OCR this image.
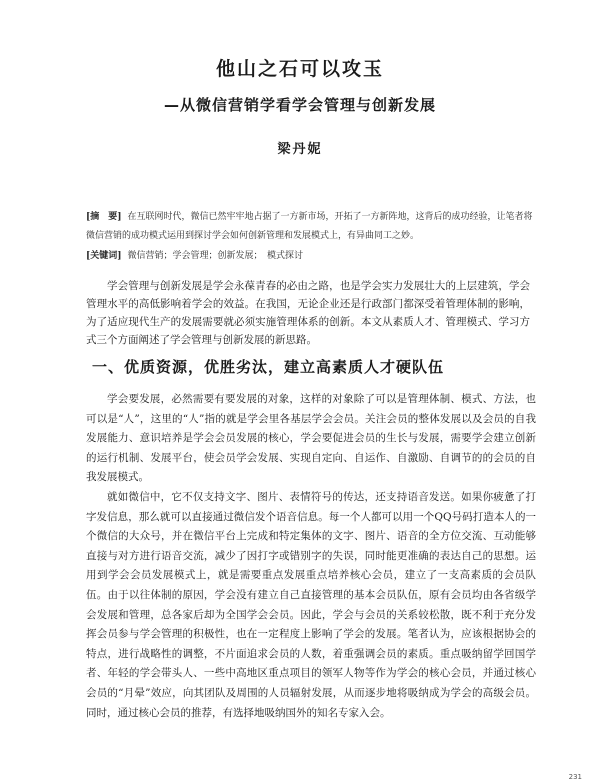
他山之石可以攻玉
—从微信营销学看学会管理与创新发展
梁丹妮
[摘　要] 在互联网时代，微信已然牢牢地占据了一方新市场，开拓了一方新阵地，这背后的成功经验，让笔者将微信营销的成功模式运用到探讨学会如何创新管理和发展模式上，有异曲同工之妙。
[关键词] 微信营销；学会管理；创新发展；　模式探讨

学会管理与创新发展是学会永葆青春的必由之路，也是学会实力发展壮大的上层建筑，学会管理水平的高低影响着学会的效益。在我国，无论企业还是行政部门都深受着管理体制的影响，为了适应现代生产的发展需要就必须实施管理体系的创新。本文从素质人才、管理模式、学习方式三个方面阐述了学会管理与创新发展的新思路。

一、优质资源，优胜劣汰，建立高素质人才硬队伍

学会要发展，必然需要有要发展的对象，这样的对象除了可以是管理体制、模式、方法，也可以是“人”，这里的“人”指的就是学会里各基层学会会员。关注会员的整体发展以及会员的自我发展能力、意识培养是学会会员发展的核心，学会要促进会员的生长与发展，需要学会建立创新的运行机制、发展平台，使会员学会发展、实现自定向、自运作、自激励、自调节的的会员的自我发展模式。

就如微信中，它不仅支持文字、图片、表情符号的传达，还支持语音发送。如果你疲惫了打字发信息，那么就可以直接通过微信发个语音信息。每一个人都可以用一个QQ号码打造本人的一个微信的大众号，并在微信平台上完成和特定集体的文字、图片、语音的全方位交流、互动能够直接与对方进行语音交流，减少了因打字或错别字的失误，同时能更准确的表达自己的思想。运用到学会会员发展模式上，就是需要重点发展重点培养核心会员，建立了一支高素质的会员队伍。由于以往体制的原因，学会没有建立自己直接管理的基本会员队伍，原有会员均由各省级学会发展和管理，总各家后却为全国学会会员。因此，学会与会员的关系较松散，既不利于充分发挥会员参与学会管理的积极性，也在一定程度上影响了学会的发展。笔者认为，应该根据协会的特点，进行战略性的调整，不片面追求会员的人数，着重强调会员的素质。重点吸纳留学回国学者、年轻的学会带头人、一些中高地区重点项目的领军人物等作为学会的核心会员，并通过核心会员的“月晕”效应，向其团队及周围的人员辐射发展，从而逐步地将吸纳成为学会的高级会员。同时，通过核心会员的推荐，有选择地吸纳国外的知名专家入会。

231
